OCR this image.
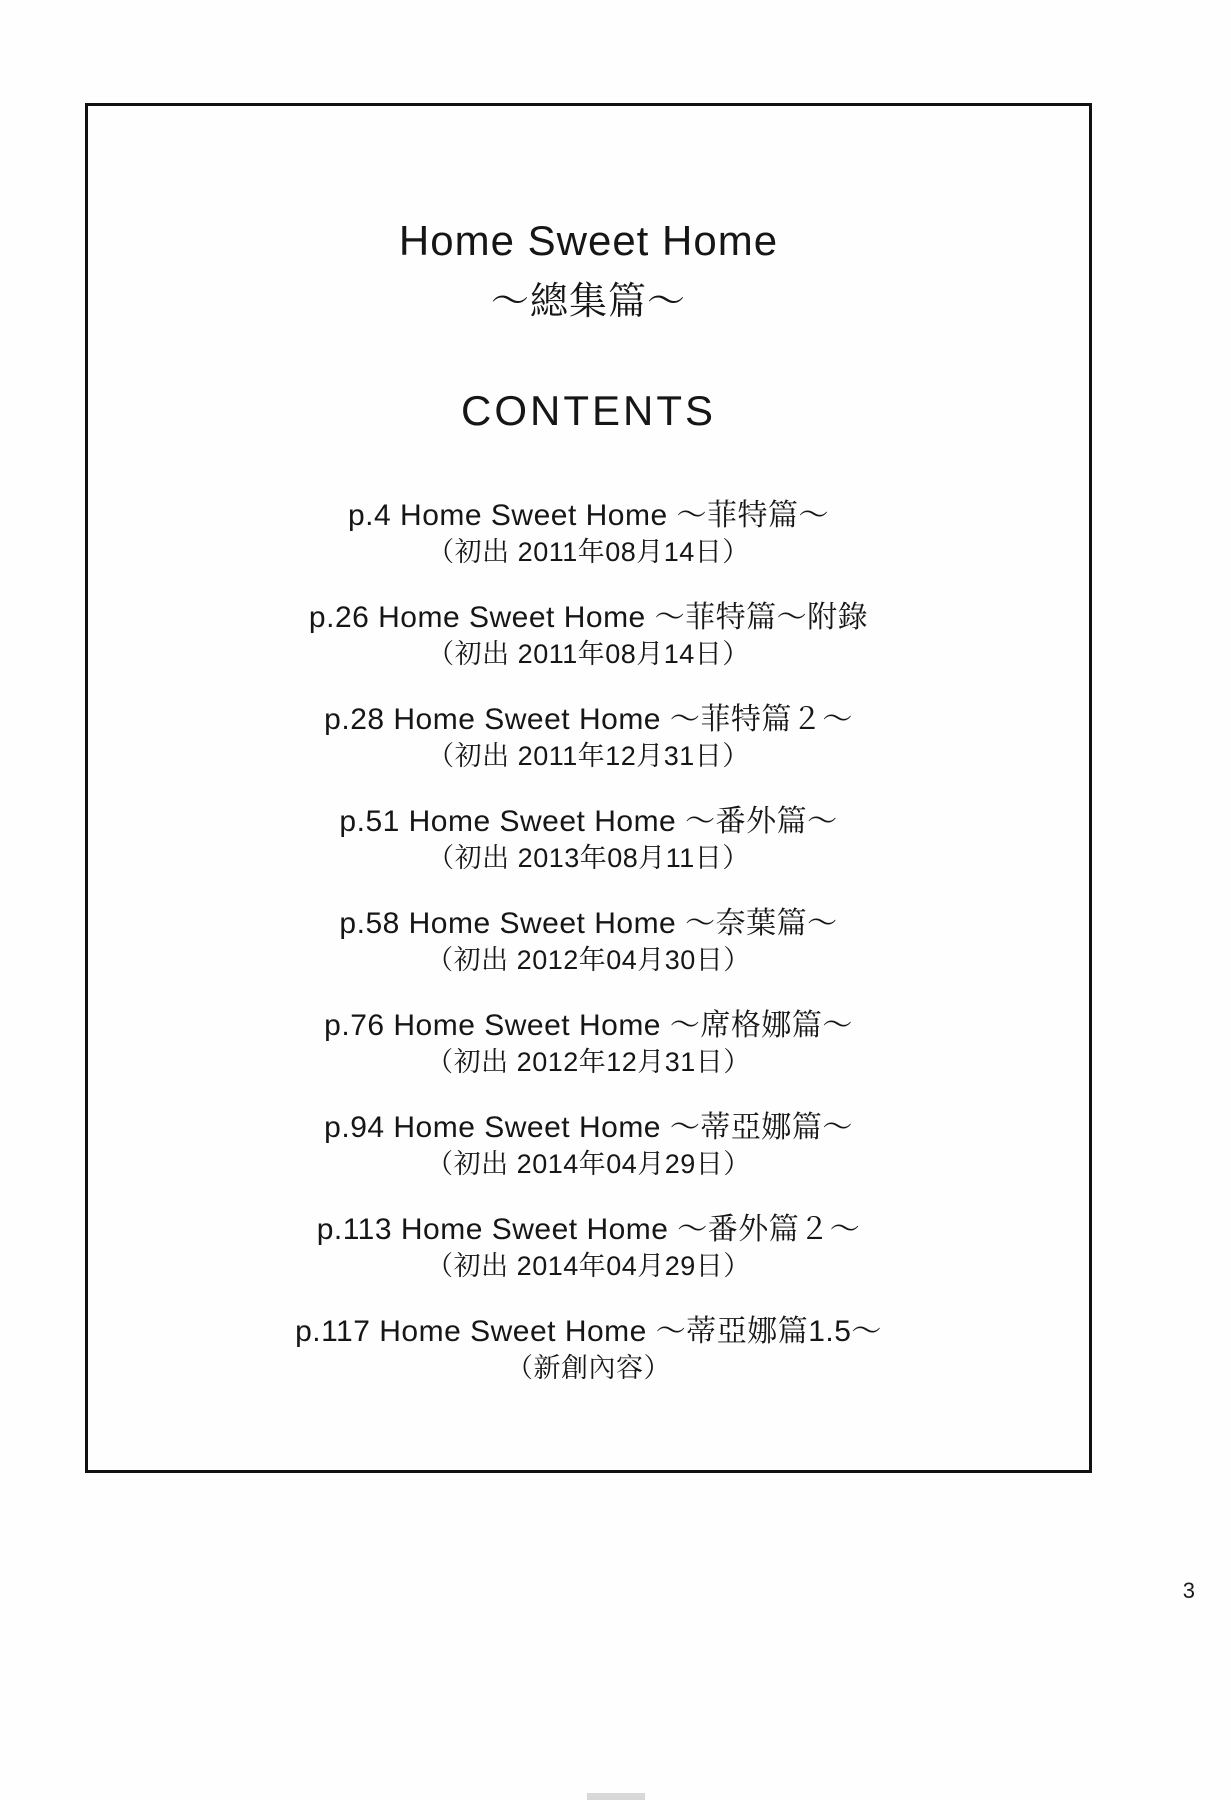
Home Sweet Home
〜總集篇〜
CONTENTS
p.4 Home Sweet Home 〜菲特篇〜
（初出 2011年08月14日）
p.26 Home Sweet Home 〜菲特篇〜附錄
（初出 2011年08月14日）
p.28 Home Sweet Home 〜菲特篇２〜
（初出 2011年12月31日）
p.51 Home Sweet Home 〜番外篇〜
（初出 2013年08月11日）
p.58 Home Sweet Home 〜奈葉篇〜
（初出 2012年04月30日）
p.76 Home Sweet Home 〜席格娜篇〜
（初出 2012年12月31日）
p.94 Home Sweet Home 〜蒂亞娜篇〜
（初出 2014年04月29日）
p.113 Home Sweet Home 〜番外篇２〜
（初出 2014年04月29日）
p.117 Home Sweet Home 〜蒂亞娜篇1.5〜
（新創內容）
3
